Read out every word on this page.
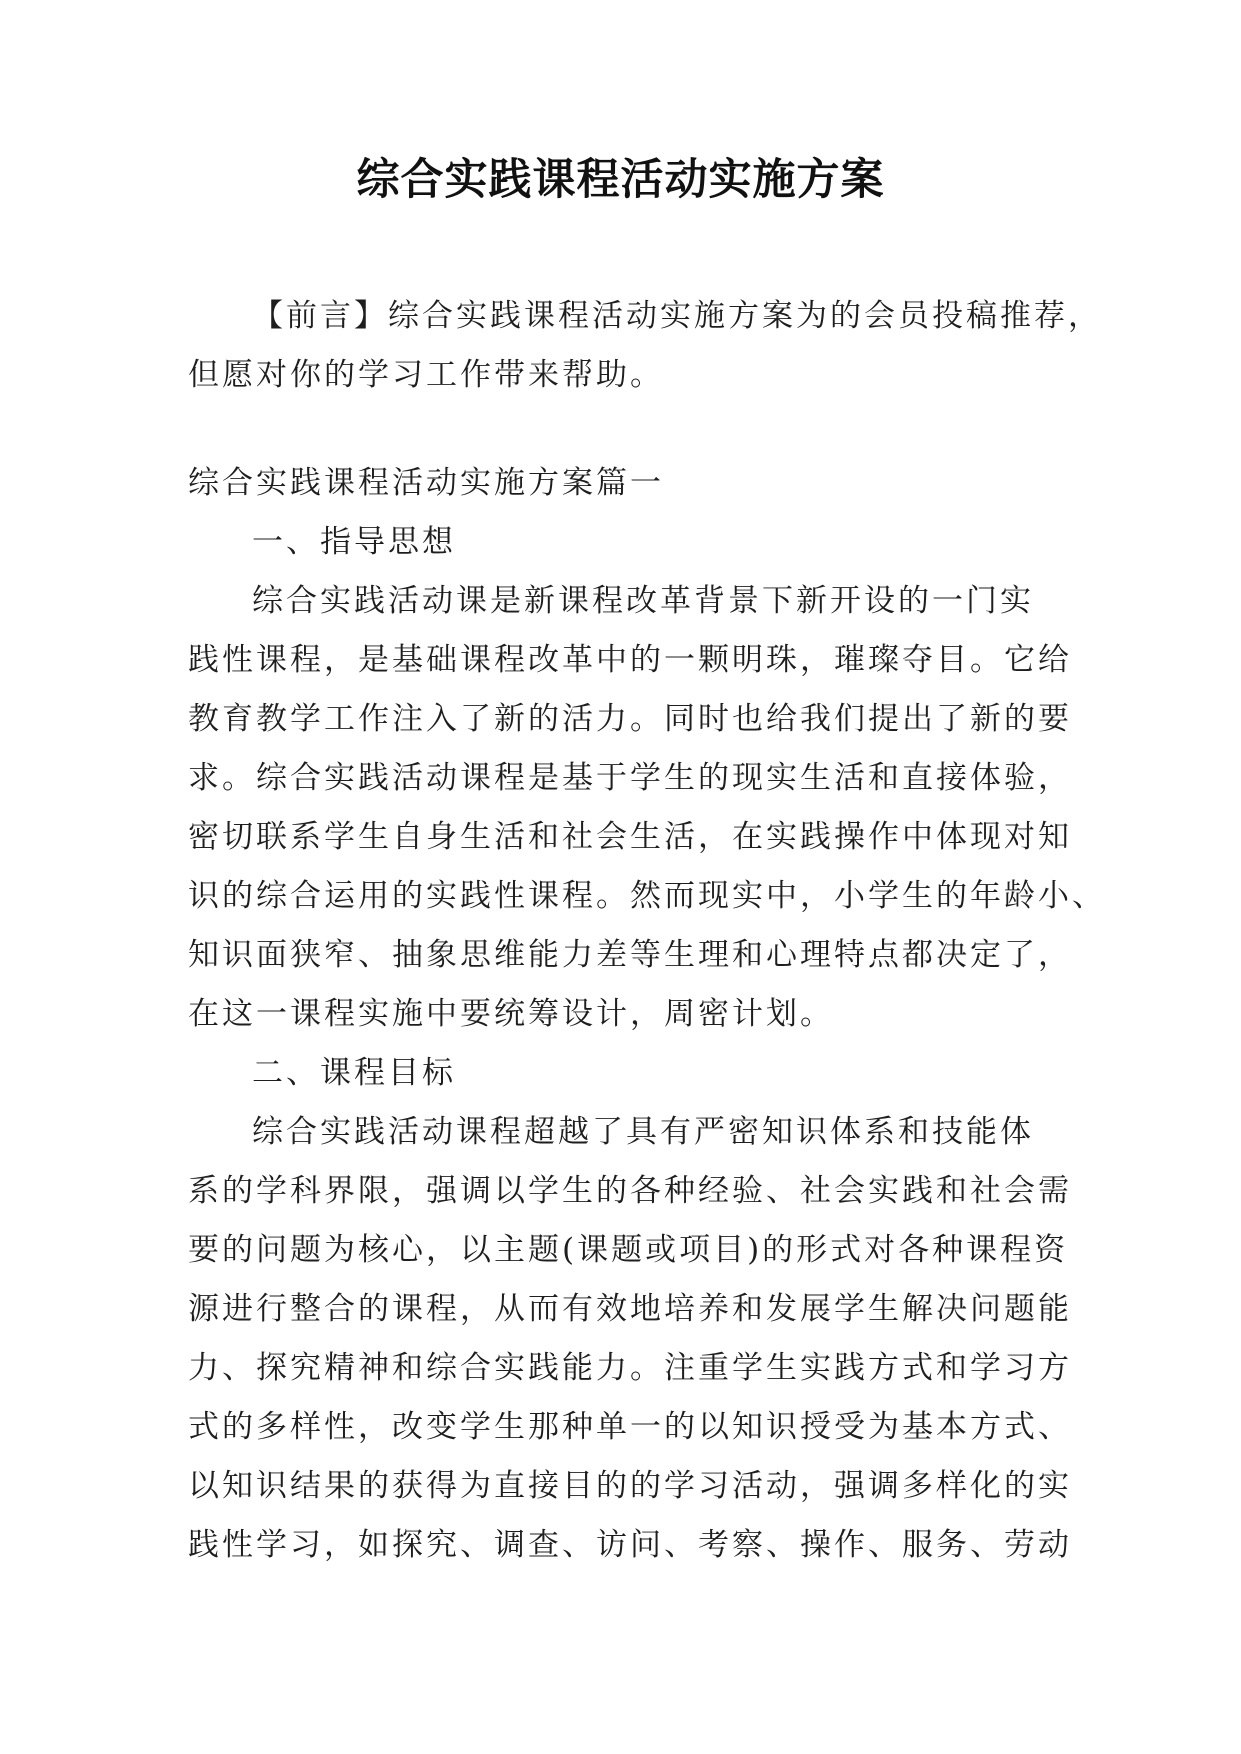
综合实践课程活动实施方案

【前言】综合实践课程活动实施方案为的会员投稿推荐，
但愿对你的学习工作带来帮助。

综合实践课程活动实施方案篇一

一、指导思想

综合实践活动课是新课程改革背景下新开设的一门实
践性课程，是基础课程改革中的一颗明珠，璀璨夺目。它给
教育教学工作注入了新的活力。同时也给我们提出了新的要
求。综合实践活动课程是基于学生的现实生活和直接体验，
密切联系学生自身生活和社会生活，在实践操作中体现对知
识的综合运用的实践性课程。然而现实中，小学生的年龄小、
知识面狭窄、抽象思维能力差等生理和心理特点都决定了，
在这一课程实施中要统筹设计，周密计划。

二、课程目标

综合实践活动课程超越了具有严密知识体系和技能体
系的学科界限，强调以学生的各种经验、社会实践和社会需
要的问题为核心，以主题(课题或项目)的形式对各种课程资
源进行整合的课程，从而有效地培养和发展学生解决问题能
力、探究精神和综合实践能力。注重学生实践方式和学习方
式的多样性，改变学生那种单一的以知识授受为基本方式、
以知识结果的获得为直接目的的学习活动，强调多样化的实
践性学习，如探究、调查、访问、考察、操作、服务、劳动
